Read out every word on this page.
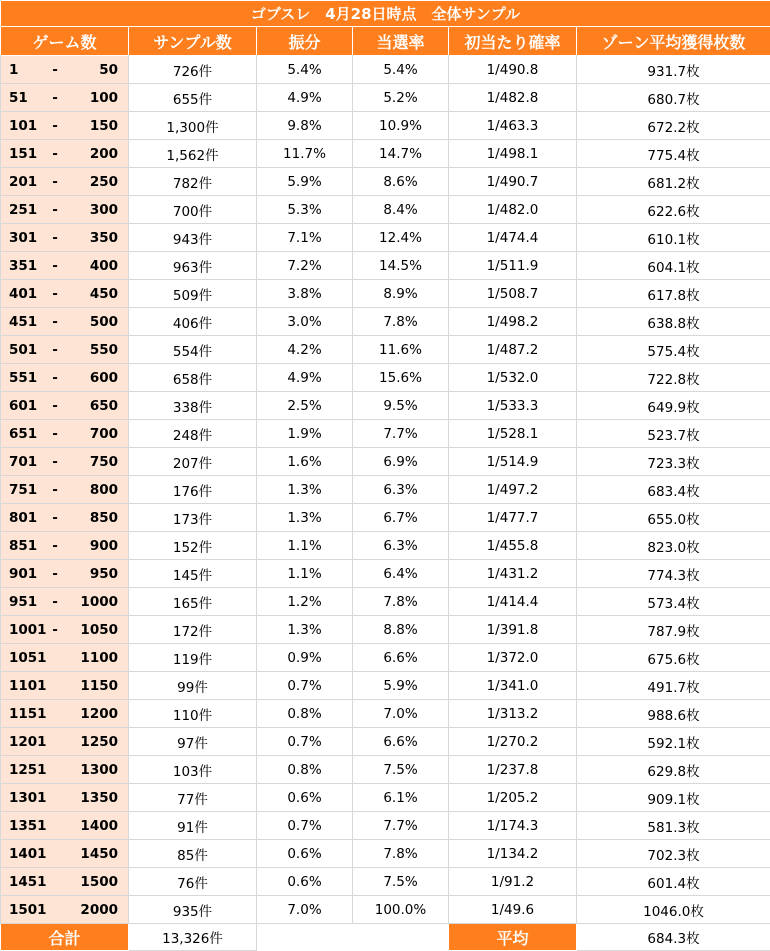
ゴブスレ　4月28日時点　全体サンプル					
ゲーム数	サンプル数	振分	当選率	初当たり確率	ゾーン平均獲得枚数

1 - 50	726件	5.4%	5.4%	1/490.8	931.7枚

51 - 100	655件	4.9%	5.2%	1/482.8	680.7枚

101 - 150	1,300件	9.8%	10.9%	1/463.3	672.2枚

151 - 200	1,562件	11.7%	14.7%	1/498.1	775.4枚

201 - 250	782件	5.9%	8.6%	1/490.7	681.2枚

251 - 300	700件	5.3%	8.4%	1/482.0	622.6枚

301 - 350	943件	7.1%	12.4%	1/474.4	610.1枚

351 - 400	963件	7.2%	14.5%	1/511.9	604.1枚

401 - 450	509件	3.8%	8.9%	1/508.7	617.8枚

451 - 500	406件	3.0%	7.8%	1/498.2	638.8枚

501 - 550	554件	4.2%	11.6%	1/487.2	575.4枚

551 - 600	658件	4.9%	15.6%	1/532.0	722.8枚

601 - 650	338件	2.5%	9.5%	1/533.3	649.9枚

651 - 700	248件	1.9%	7.7%	1/528.1	523.7枚

701 - 750	207件	1.6%	6.9%	1/514.9	723.3枚

751 - 800	176件	1.3%	6.3%	1/497.2	683.4枚

801 - 850	173件	1.3%	6.7%	1/477.7	655.0枚

851 - 900	152件	1.1%	6.3%	1/455.8	823.0枚

901 - 950	145件	1.1%	6.4%	1/431.2	774.3枚

951 - 1000	165件	1.2%	7.8%	1/414.4	573.4枚

1001 - 1050	172件	1.3%	8.8%	1/391.8	787.9枚

1051 1100	119件	0.9%	6.6%	1/372.0	675.6枚

1101 1150	99件	0.7%	5.9%	1/341.0	491.7枚

1151 1200	110件	0.8%	7.0%	1/313.2	988.6枚

1201 1250	97件	0.7%	6.6%	1/270.2	592.1枚

1251 1300	103件	0.8%	7.5%	1/237.8	629.8枚

1301 1350	77件	0.6%	6.1%	1/205.2	909.1枚

1351 1400	91件	0.7%	7.7%	1/174.3	581.3枚

1401 1450	85件	0.6%	7.8%	1/134.2	702.3枚

1451 1500	76件	0.6%	7.5%	1/91.2	601.4枚

1501 2000	935件	7.0%	100.0%	1/49.6	1046.0枚
合計	13,326件			平均	684.3枚
